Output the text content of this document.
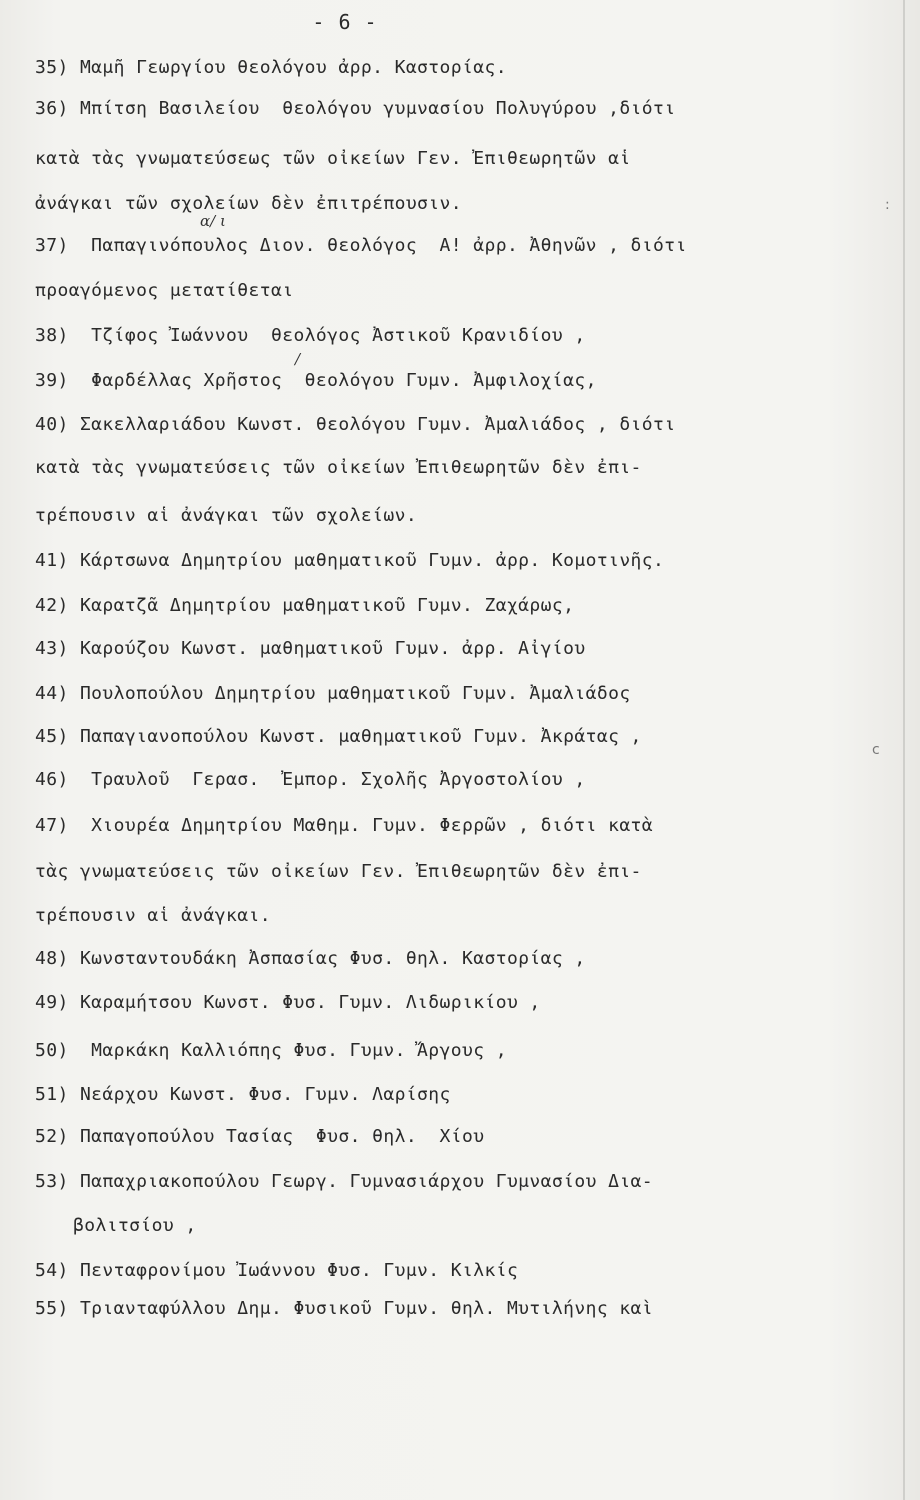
- 6 -
35) Μαμῆ Γεωργίου θεολόγου ἀρρ. Καστορίας.
36) Μπίτση Βασιλείου  θεολόγου γυμνασίου Πολυγύρου ,διότι
κατὰ τὰς γνωματεύσεως τῶν οἰκείων Γεν. Ἐπιθεωρητῶν αἱ
ἀνάγκαι τῶν σχολείων δὲν ἐπιτρέπουσιν.
α/ ι
37)  Παπαγινόπουλος Διον. θεολόγος  Α! ἀρρ. Ἀθηνῶν , διότι
προαγόμενος μετατίθεται
38)  Τζίφος Ἰωάννου  θεολόγος Ἀστικοῦ Κρανιδίου ,
/
39)  Φαρδέλλας Χρῆστος  θεολόγου Γυμν. Ἀμφιλοχίας,
40) Σακελλαριάδου Κωνστ. θεολόγου Γυμν. Ἀμαλιάδος , διότι
κατὰ τὰς γνωματεύσεις τῶν οἰκείων Ἐπιθεωρητῶν δὲν ἐπι-
τρέπουσιν αἱ ἀνάγκαι τῶν σχολείων.
41) Κάρτσωνα Δημητρίου μαθηματικοῦ Γυμν. ἀρρ. Κομοτινῆς.
42) Καρατζᾶ Δημητρίου μαθηματικοῦ Γυμν. Ζαχάρως,
43) Καρούζου Κωνστ. μαθηματικοῦ Γυμν. ἀρρ. Αἰγίου
44) Πουλοπούλου Δημητρίου μαθηματικοῦ Γυμν. Ἀμαλιάδος
45) Παπαγιανοπούλου Κωνστ. μαθηματικοῦ Γυμν. Ἀκράτας ,
46)  Τραυλοῦ  Γερασ.  Ἐμπορ. Σχολῆς Ἀργοστολίου ,
47)  Χιουρέα Δημητρίου Μαθημ. Γυμν. Φερρῶν , διότι κατὰ
τὰς γνωματεύσεις τῶν οἰκείων Γεν. Ἐπιθεωρητῶν δὲν ἐπι-
τρέπουσιν αἱ ἀνάγκαι.
48) Κωνσταντουδάκη Ἀσπασίας Φυσ. θηλ. Καστορίας ,
49) Καραμήτσου Κωνστ. Φυσ. Γυμν. Λιδωρικίου ,
50)  Μαρκάκη Καλλιόπης Φυσ. Γυμν. Ἄργους ,
51) Νεάρχου Κωνστ. Φυσ. Γυμν. Λαρίσης
52) Παπαγοπούλου Τασίας  Φυσ. θηλ.  Χίου
53) Παπαχριακοπούλου Γεωργ. Γυμνασιάρχου Γυμνασίου Δια-
βολιτσίου ,
54) Πενταφρονίμου Ἰωάννου Φυσ. Γυμν. Κιλκίς
55) Τριανταφύλλου Δημ. Φυσικοῦ Γυμν. θηλ. Μυτιλήνης καὶ
:
c
